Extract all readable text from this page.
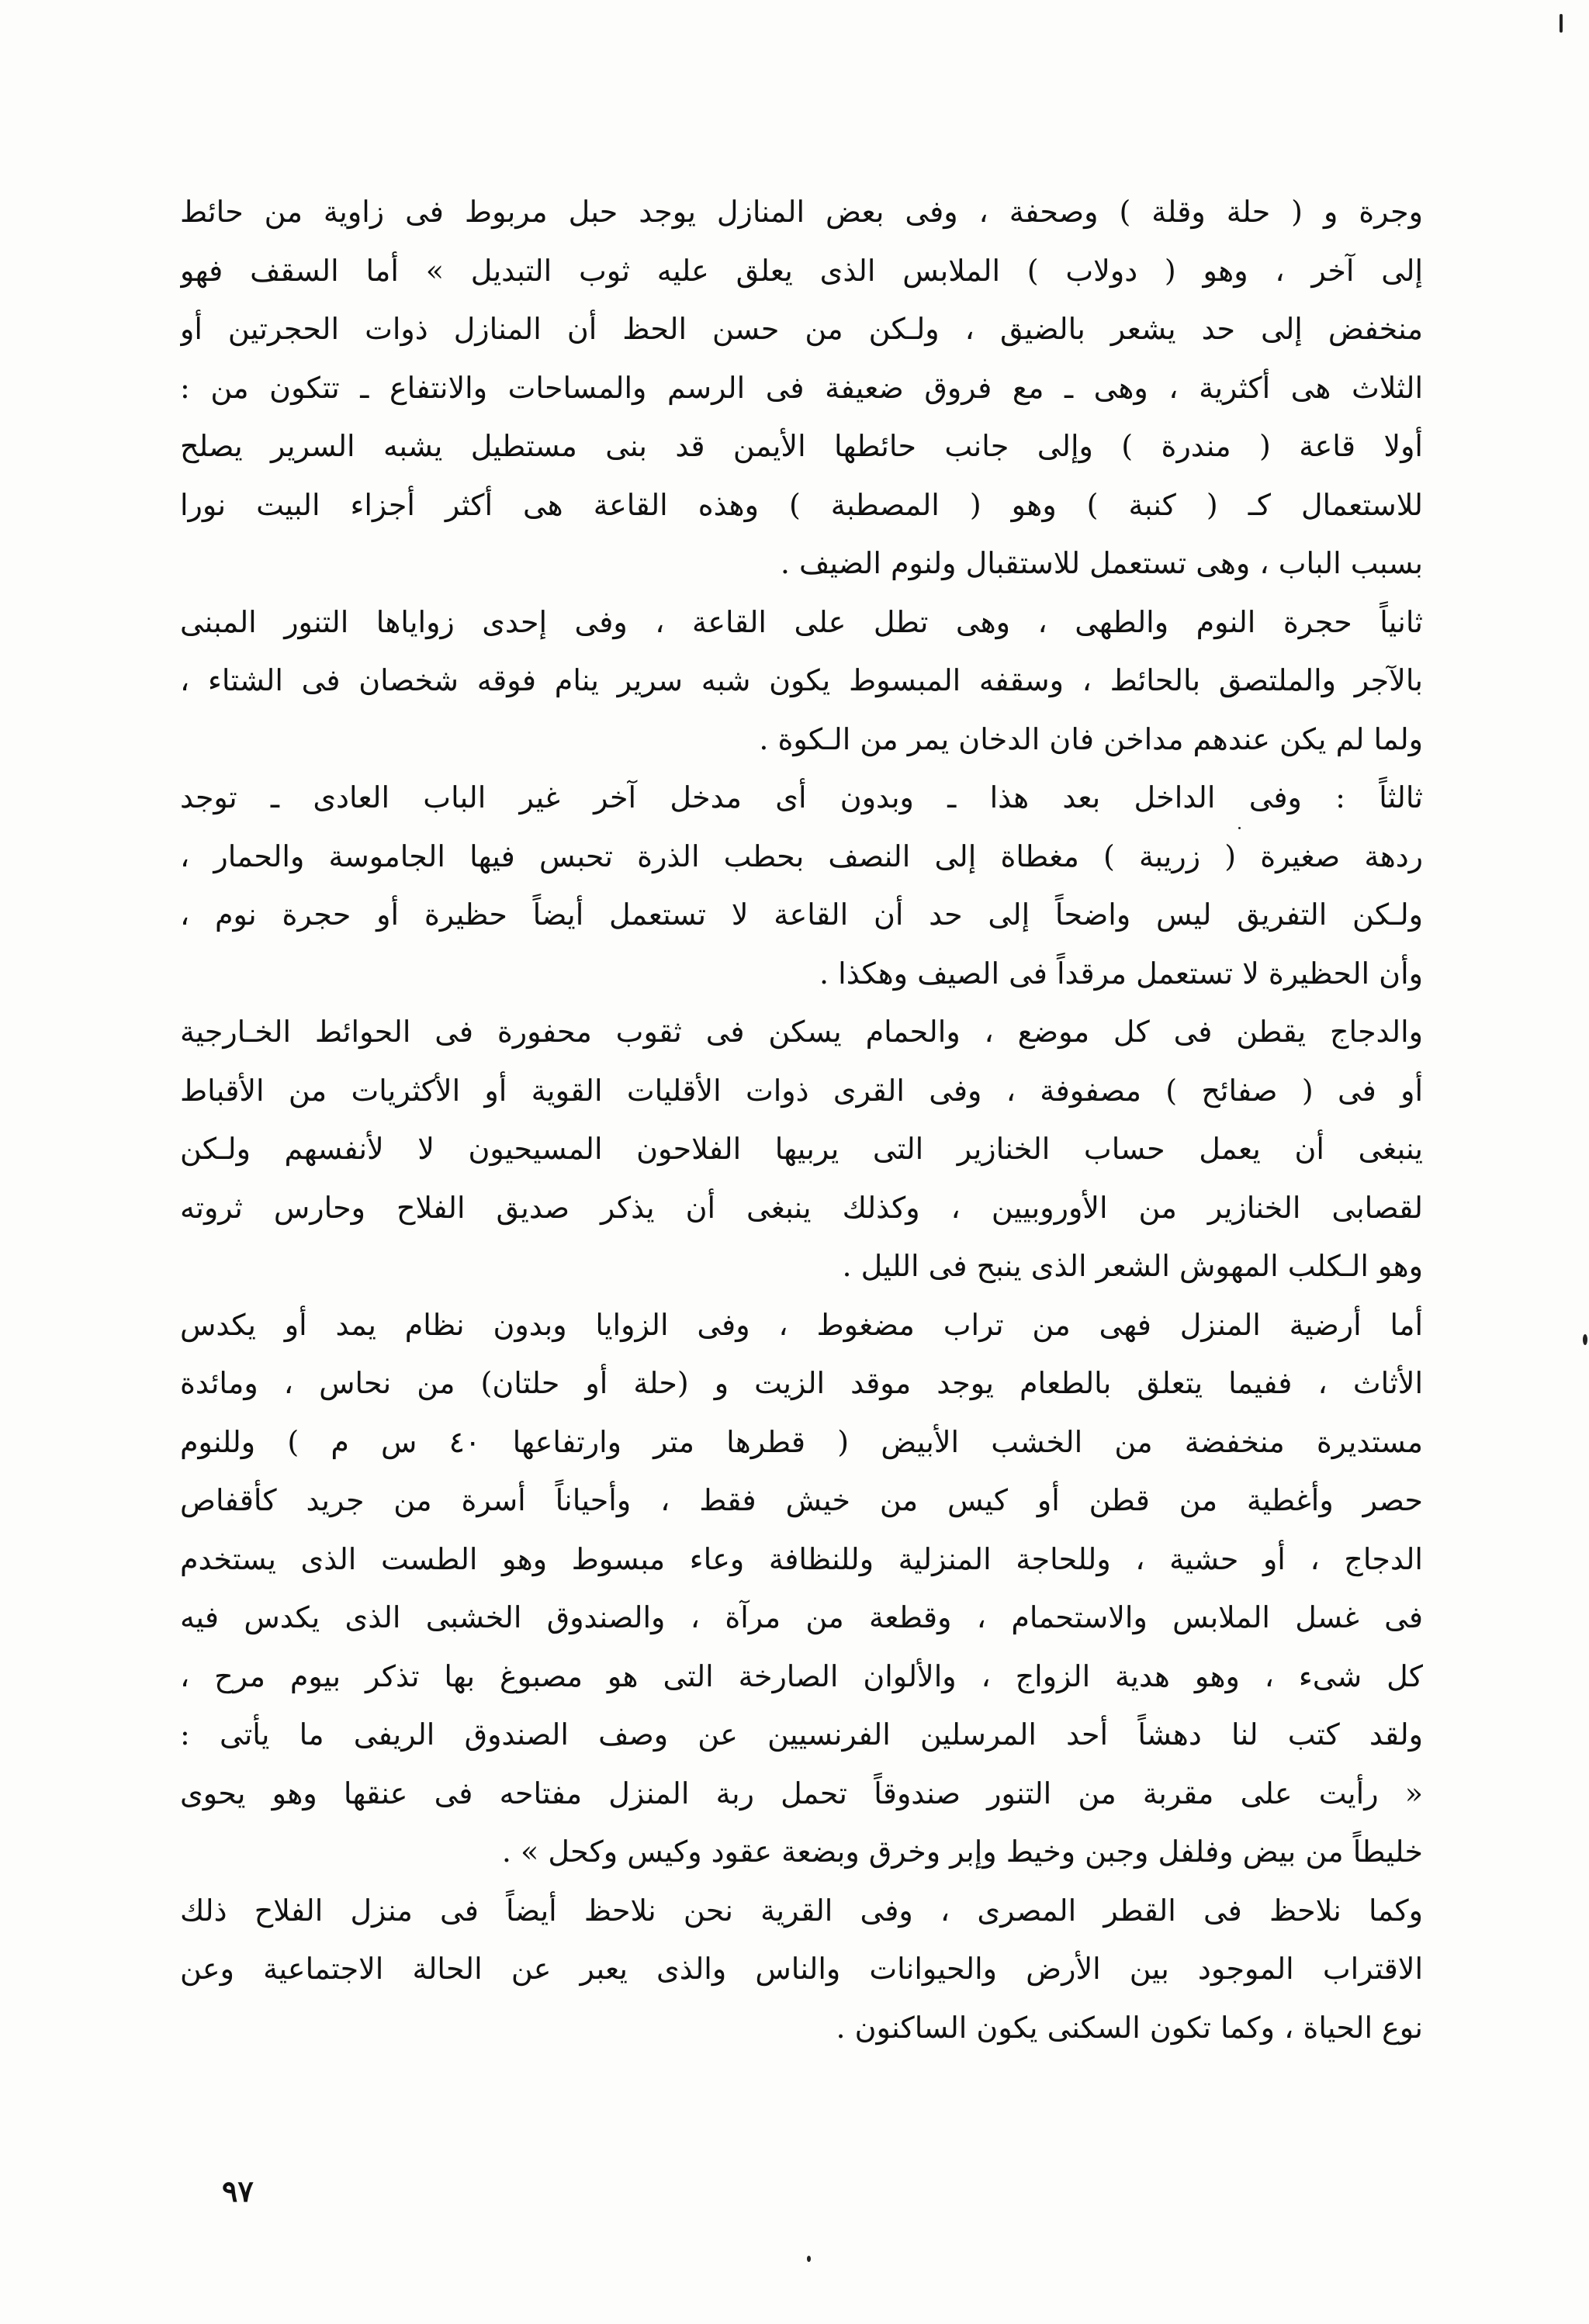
وجرة و ( حلة وقلة ) وصحفة ، وفى بعض المنازل يوجد حبل مربوط فى زاوية من حائط
إلى آخر ، وهو ( دولاب ) الملابس الذى يعلق عليه ثوب التبديل » أما السقف فهو
منخفض إلى حد يشعر بالضيق ، ولـكن من حسن الحظ أن المنازل ذوات الحجرتين أو
الثلاث هى أكثرية ، وهى ـ مع فروق ضعيفة فى الرسم والمساحات والانتفاع ـ تتكون من :

أولا قاعة ( مندرة ) وإلى جانب حائطها الأيمن قد بنى مستطيل يشبه السرير يصلح
للاستعمال كـ ( كنبة ) وهو ( المصطبة ) وهذه القاعة هى أكثر أجزاء البيت نورا
بسبب الباب ، وهى تستعمل للاستقبال ولنوم الضيف .

ثانياً حجرة النوم والطهى ، وهى تطل على القاعة ، وفى إحدى زواياها التنور المبنى
بالآجر والملتصق بالحائط ، وسقفه المبسوط يكون شبه سرير ينام فوقه شخصان فى الشتاء ،
ولما لم يكن عندهم مداخن فان الدخان يمر من الـكوة .

ثالثاً : وفى الداخل بعد هذا ـ وبدون أى مدخل آخر غير الباب العادى ـ توجد
ردهة صغيرة ( زريبة ) مغطاة إلى النصف بحطب الذرة تحبس فيها الجاموسة والحمار ،
ولـكن التفريق ليس واضحاً إلى حد أن القاعة لا تستعمل أيضاً حظيرة أو حجرة نوم ،
وأن الحظيرة لا تستعمل مرقداً فى الصيف وهكذا .

والدجاج يقطن فى كل موضع ، والحمام يسكن فى ثقوب محفورة فى الحوائط الخـارجية
أو فى ( صفائح ) مصفوفة ، وفى القرى ذوات الأقليات القوية أو الأكثريات من الأقباط
ينبغى أن يعمل حساب الخنازير التى يربيها الفلاحون المسيحيون لا لأنفسهم ولـكن
لقصابى الخنازير من الأوروبيين ، وكذلك ينبغى أن يذكر صديق الفلاح وحارس ثروته
وهو الـكلب المهوش الشعر الذى ينبح فى الليل .

أما أرضية المنزل فهى من تراب مضغوط ، وفى الزوايا وبدون نظام يمد أو يكدس
الأثاث ، ففيما يتعلق بالطعام يوجد موقد الزيت و (حلة أو حلتان) من نحاس ، ومائدة
مستديرة منخفضة من الخشب الأبيض ( قطرها متر وارتفاعها ٤٠ س م ) وللنوم
حصر وأغطية من قطن أو كيس من خيش فقط ، وأحياناً أسرة من جريد كأقفاص
الدجاج ، أو حشية ، وللحاجة المنزلية وللنظافة وعاء مبسوط وهو الطست الذى يستخدم
فى غسل الملابس والاستحمام ، وقطعة من مرآة ، والصندوق الخشبى الذى يكدس فيه
كل شىء ، وهو هدية الزواج ، والألوان الصارخة التى هو مصبوغ بها تذكر بيوم مرح ،
ولقد كتب لنا دهشاً أحد المرسلين الفرنسيين عن وصف الصندوق الريفى ما يأتى :

« رأيت على مقربة من التنور صندوقاً تحمل ربة المنزل مفتاحه فى عنقها وهو يحوى
خليطاً من بيض وفلفل وجبن وخيط وإبر وخرق وبضعة عقود وكيس وكحل » .

وكما نلاحظ فى القطر المصرى ، وفى القرية نحن نلاحظ أيضاً فى منزل الفلاح ذلك
الاقتراب الموجود بين الأرض والحيوانات والناس والذى يعبر عن الحالة الاجتماعية وعن
نوع الحياة ، وكما تكون السكنى يكون الساكنون .

٩٧
